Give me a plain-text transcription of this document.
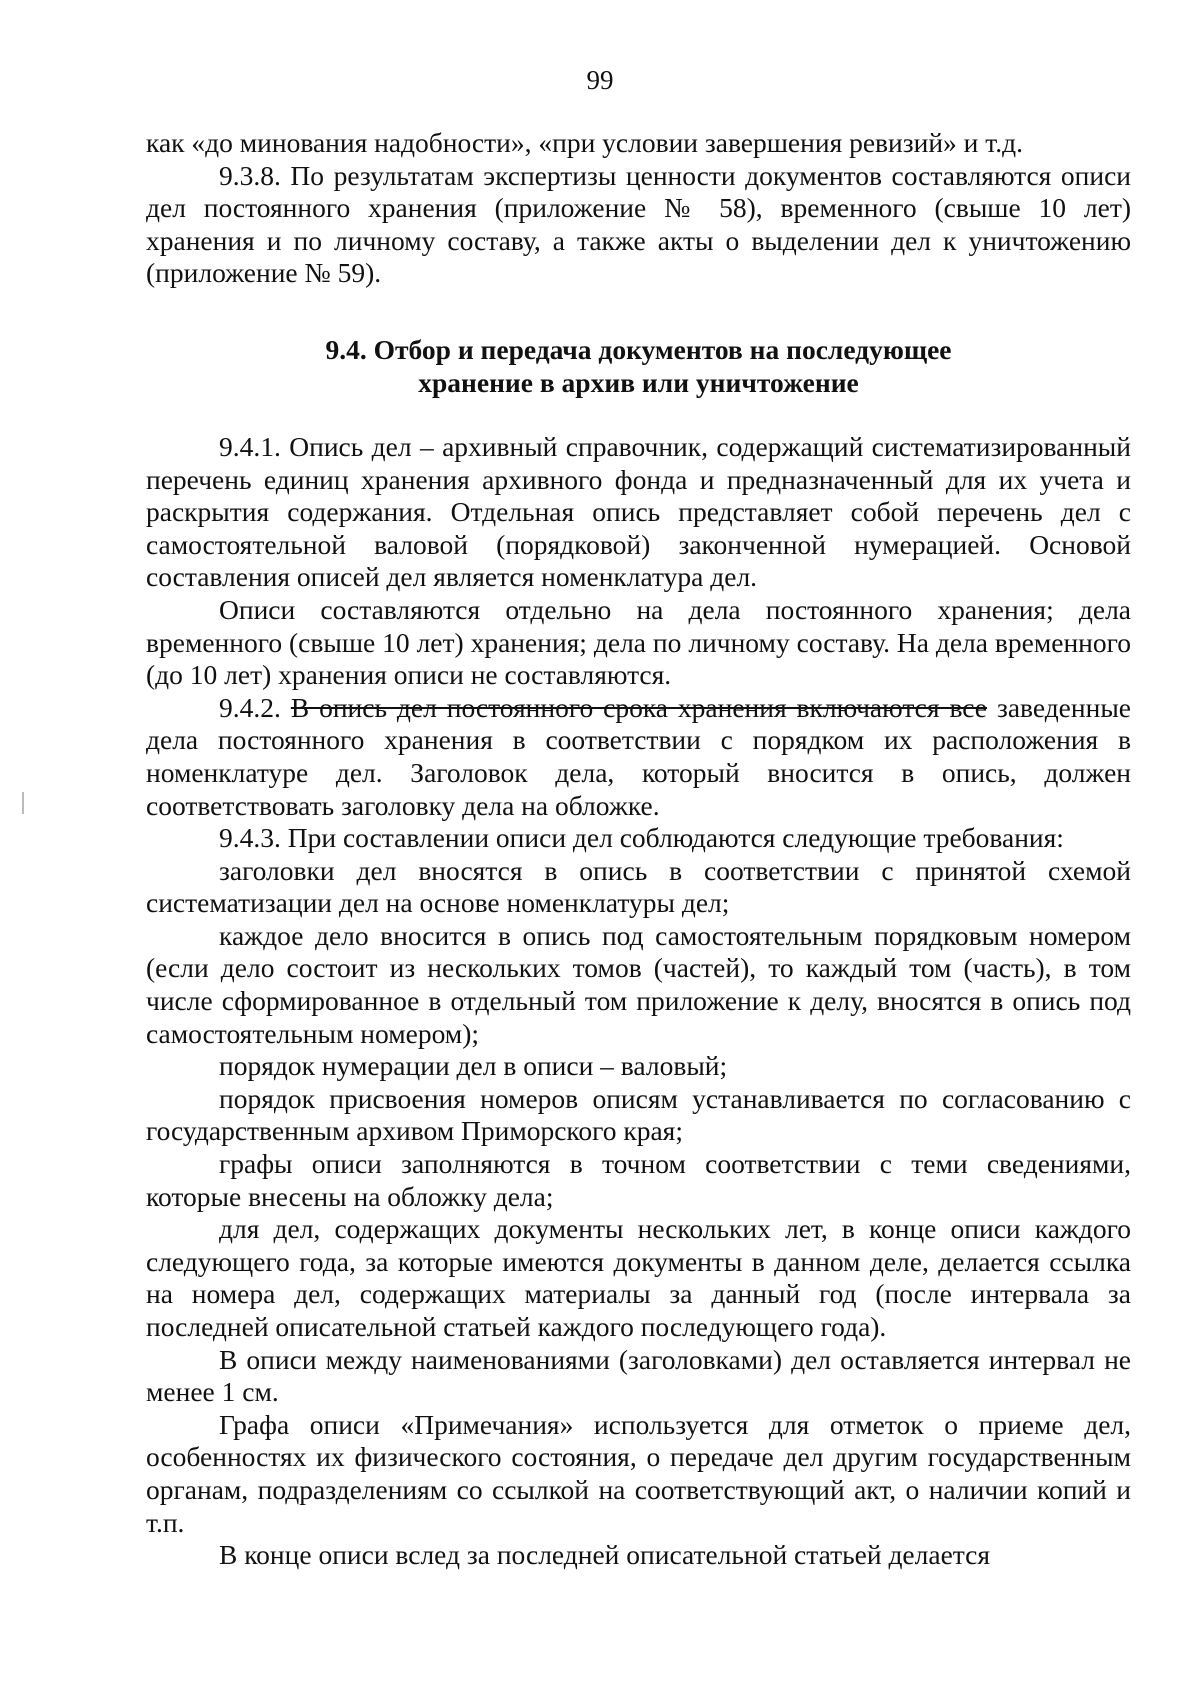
99

как «до минования надобности», «при условии завершения ревизий» и т.д.

9.3.8. По результатам экспертизы ценности документов составляются описи дел постоянного хранения (приложение № 58), временного (свыше 10 лет) хранения и по личному составу, а также акты о выделении дел к уничтожению (приложение № 59).

9.4. Отбор и передача документов на последующее
хранение в архив или уничтожение

9.4.1. Опись дел – архивный справочник, содержащий систематизированный перечень единиц хранения архивного фонда и предназначенный для их учета и раскрытия содержания. Отдельная опись представляет собой перечень дел с самостоятельной валовой (порядковой) законченной нумерацией. Основой составления описей дел является номенклатура дел.

Описи составляются отдельно на дела постоянного хранения; дела временного (свыше 10 лет) хранения; дела по личному составу. На дела временного (до 10 лет) хранения описи не составляются.

9.4.2. В опись дел постоянного срока хранения включаются все заведенные дела постоянного хранения в соответствии с порядком их расположения в номенклатуре дел. Заголовок дела, который вносится в опись, должен соответствовать заголовку дела на обложке.

9.4.3. При составлении описи дел соблюдаются следующие требования:

заголовки дел вносятся в опись в соответствии с принятой схемой систематизации дел на основе номенклатуры дел;

каждое дело вносится в опись под самостоятельным порядковым номером (если дело состоит из нескольких томов (частей), то каждый том (часть), в том числе сформированное в отдельный том приложение к делу, вносятся в опись под самостоятельным номером);

порядок нумерации дел в описи – валовый;

порядок присвоения номеров описям устанавливается по согласованию с государственным архивом Приморского края;

графы описи заполняются в точном соответствии с теми сведениями, которые внесены на обложку дела;

для дел, содержащих документы нескольких лет, в конце описи каждого следующего года, за которые имеются документы в данном деле, делается ссылка на номера дел, содержащих материалы за данный год (после интервала за последней описательной статьей каждого последующего года).

В описи между наименованиями (заголовками) дел оставляется интервал не менее 1 см.

Графа описи «Примечания» используется для отметок о приеме дел, особенностях их физического состояния, о передаче дел другим государственным органам, подразделениям со ссылкой на соответствующий акт, о наличии копий и т.п.

В конце описи вслед за последней описательной статьей делается
